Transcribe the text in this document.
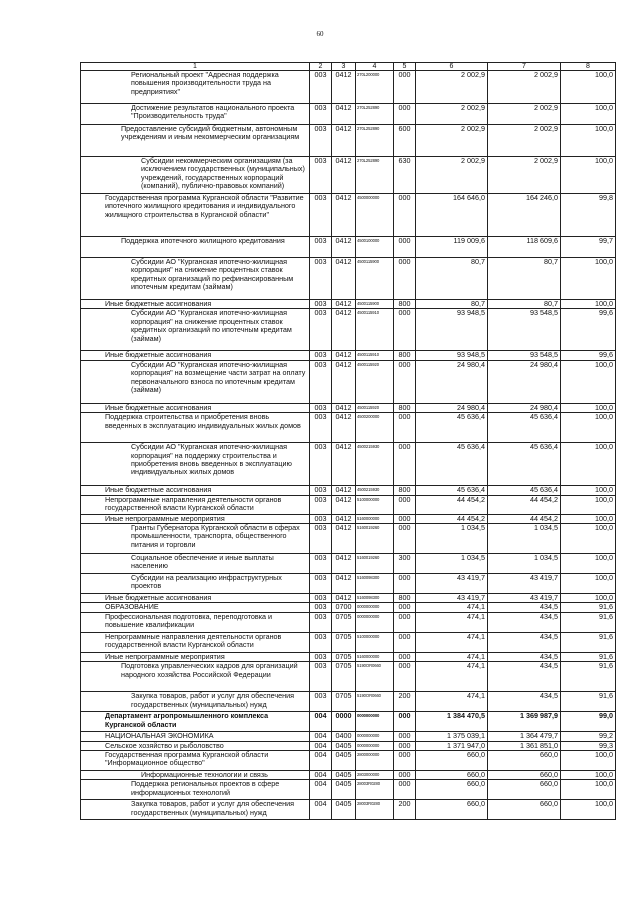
60
1	2	3	4	5	6	7	8
Региональный проект "Адресная поддержка повышения производительности труда на предприятиях"	003	0412	270L200000	000	2 002,9	2 002,9	100,0
Достижение результатов национального проекта "Производительность труда"	003	0412	270L252890	000	2 002,9	2 002,9	100,0
Предоставление субсидий бюджетным, автономным учреждениям и иным некоммерческим организациям	003	0412	270L252890	600	2 002,9	2 002,9	100,0
Субсидии некоммерческим организациям (за исключением государственных (муниципальных) учреждений, государственных корпораций (компаний), публично-правовых компаний)	003	0412	270L252890	630	2 002,9	2 002,9	100,0
Государственная программа Курганской области "Развитие ипотечного жилищного кредитования и индивидуального жилищного строительства в Курганской области"	003	0412	4500000000	000	164 646,0	164 246,0	99,8
Поддержка ипотечного жилищного кредитования	003	0412	4500100000	000	119 009,6	118 609,6	99,7
Субсидии АО "Курганская ипотечно-жилищная корпорация" на снижение процентных ставок кредитных организаций по рефинансированным ипотечным кредитам (займам)	003	0412	4500115900	000	80,7	80,7	100,0
Иные бюджетные ассигнования	003	0412	4500115900	800	80,7	80,7	100,0
Субсидии АО "Курганская ипотечно-жилищная корпорация" на снижение процентных ставок кредитных организаций по ипотечным кредитам (займам)	003	0412	4500115910	000	93 948,5	93 548,5	99,6
Иные бюджетные ассигнования	003	0412	4500115910	800	93 948,5	93 548,5	99,6
Субсидии АО "Курганская ипотечно-жилищная корпорация" на возмещение части затрат на оплату первоначального взноса по ипотечным кредитам (займам)	003	0412	4500115920	000	24 980,4	24 980,4	100,0
Иные бюджетные ассигнования	003	0412	4500115920	800	24 980,4	24 980,4	100,0
Поддержка строительства и приобретения вновь введенных в эксплуатацию индивидуальных жилых домов	003	0412	4500200000	000	45 636,4	45 636,4	100,0
Субсидии АО "Курганская ипотечно-жилищная корпорация" на поддержку строительства и приобретения вновь введенных в эксплуатацию индивидуальных жилых домов	003	0412	4500215930	000	45 636,4	45 636,4	100,0
Иные бюджетные ассигнования	003	0412	4500215930	800	45 636,4	45 636,4	100,0
Непрограммные направления деятельности органов государственной власти Курганской области	003	0412	5100000000	000	44 454,2	44 454,2	100,0
Иные непрограммные мероприятия	003	0412	5160000000	000	44 454,2	44 454,2	100,0
Гранты Губернатора Курганской области в сферах промышленности, транспорта, общественного питания и торговли	003	0412	5160019260	000	1 034,5	1 034,5	100,0
Социальное обеспечение и иные выплаты населению	003	0412	5160019260	300	1 034,5	1 034,5	100,0
Субсидии на реализацию инфраструктурных проектов	003	0412	5160098300	000	43 419,7	43 419,7	100,0
Иные бюджетные ассигнования	003	0412	5160098300	800	43 419,7	43 419,7	100,0
ОБРАЗОВАНИЕ	003	0700	0000000000	000	474,1	434,5	91,6
Профессиональная подготовка, переподготовка и повышение квалификации	003	0705	0000000000	000	474,1	434,5	91,6
Непрограммные направления деятельности органов государственной власти Курганской области	003	0705	5100000000	000	474,1	434,5	91,6
Иные непрограммные мероприятия	003	0705	5160000000	000	474,1	434,5	91,6
Подготовка управленческих кадров для организаций народного хозяйства Российской Федерации	003	0705	5190OR0660	000	474,1	434,5	91,6
Закупка товаров, работ и услуг для обеспечения государственных (муниципальных) нужд	003	0705	5190OR0660	200	474,1	434,5	91,6
Департамент агропромышленного комплекса Курганской области	004	0000	0000000000	000	1 384 470,5	1 369 987,9	99,0
НАЦИОНАЛЬНАЯ ЭКОНОМИКА	004	0400	0000000000	000	1 375 039,1	1 364 479,7	99,2
Сельское хозяйство и рыболовство	004	0405	0000000000	000	1 371 947,0	1 361 851,0	99,3
Государственная программа Курганской области "Информационное общество"	004	0405	2800000000	000	660,0	660,0	100,0
Информационные технологии и связь	004	0405	2803000000	000	660,0	660,0	100,0
Поддержка региональных проектов в сфере информационных технологий	004	0405	28003R0280	000	660,0	660,0	100,0
Закупка товаров, работ и услуг для обеспечения государственных (муниципальных) нужд	004	0405	28003R0280	200	660,0	660,0	100,0
